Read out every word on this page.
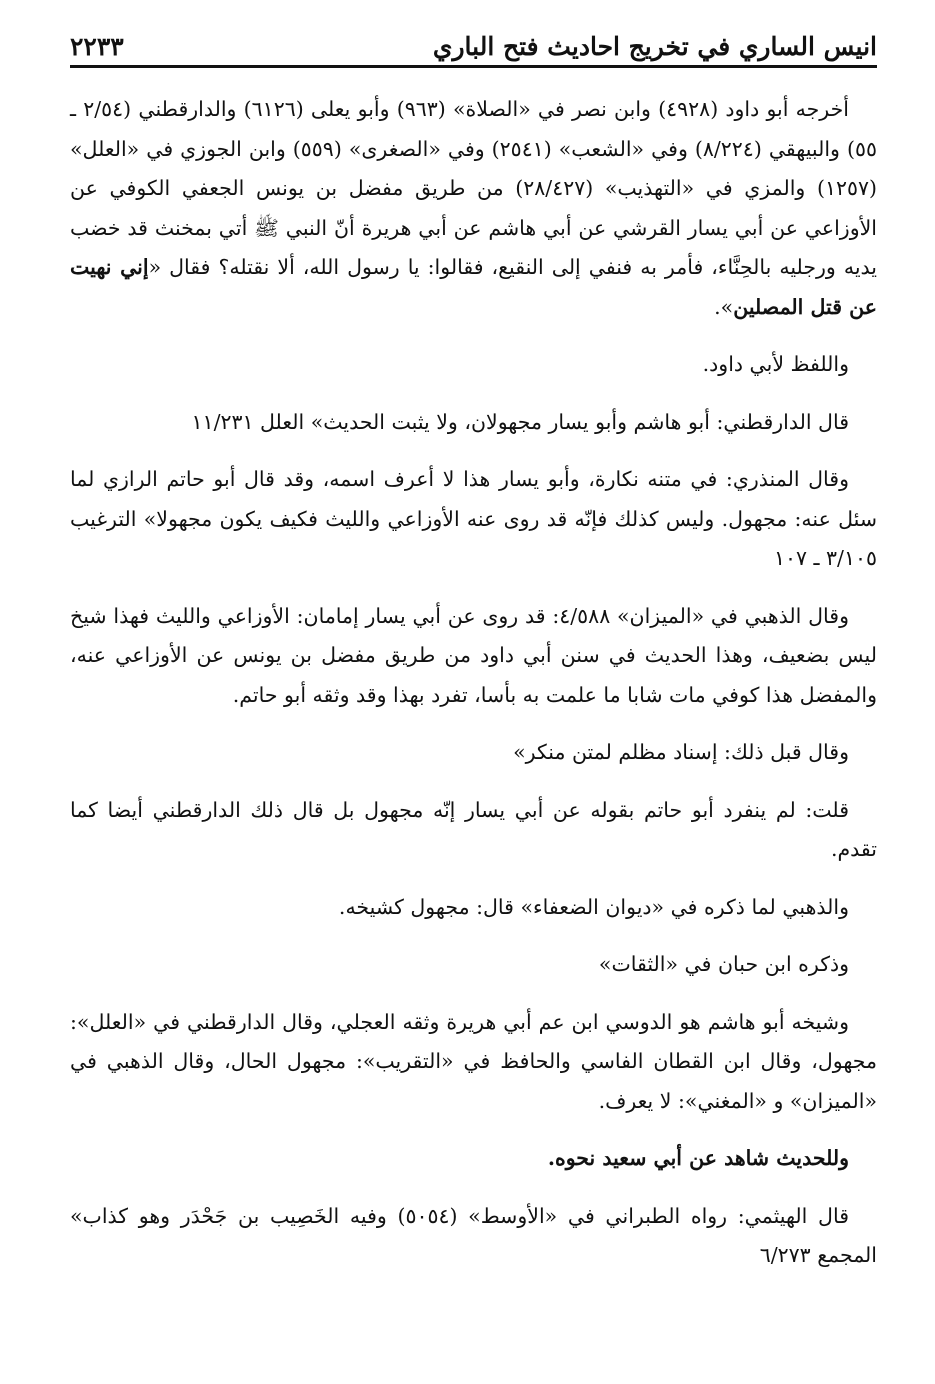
انيس الساري في تخريج احاديث فتح الباري
٢٢٣٣

أخرجه أبو داود (٤٩٢٨) وابن نصر في «الصلاة» (٩٦٣) وأبو يعلى (٦١٢٦) والدارقطني (٢/٥٤ ـ ٥٥) والبيهقي (٨/٢٢٤) وفي «الشعب» (٢٥٤١) وفي «الصغرى» (٥٥٩) وابن الجوزي في «العلل» (١٢٥٧) والمزي في «التهذيب» (٢٨/٤٢٧) من طريق مفضل بن يونس الجعفي الكوفي عن الأوزاعي عن أبي يسار القرشي عن أبي هاشم عن أبي هريرة أنّ النبي ﷺ أتي بمخنث قد خضب يديه ورجليه بالحِنَّاء، فأمر به فنفي إلى النقيع، فقالوا: يا رسول الله، ألا نقتله؟ فقال «إني نهيت عن قتل المصلين».

واللفظ لأبي داود.

قال الدارقطني: أبو هاشم وأبو يسار مجهولان، ولا يثبت الحديث» العلل ١١/٢٣١

وقال المنذري: في متنه نكارة، وأبو يسار هذا لا أعرف اسمه، وقد قال أبو حاتم الرازي لما سئل عنه: مجهول. وليس كذلك فإنّه قد روى عنه الأوزاعي والليث فكيف يكون مجهولا» الترغيب ٣/١٠٥ ـ ١٠٧

وقال الذهبي في «الميزان» ٤/٥٨٨: قد روى عن أبي يسار إمامان: الأوزاعي والليث فهذا شيخ ليس بضعيف، وهذا الحديث في سنن أبي داود من طريق مفضل بن يونس عن الأوزاعي عنه، والمفضل هذا كوفي مات شابا ما علمت به بأسا، تفرد بهذا وقد وثقه أبو حاتم.

وقال قبل ذلك: إسناد مظلم لمتن منكر»

قلت: لم ينفرد أبو حاتم بقوله عن أبي يسار إنّه مجهول بل قال ذلك الدارقطني أيضا كما تقدم.

والذهبي لما ذكره في «ديوان الضعفاء» قال: مجهول كشيخه.

وذكره ابن حبان في «الثقات»

وشيخه أبو هاشم هو الدوسي ابن عم أبي هريرة وثقه العجلي، وقال الدارقطني في «العلل»: مجهول، وقال ابن القطان الفاسي والحافظ في «التقريب»: مجهول الحال، وقال الذهبي في «الميزان» و «المغني»: لا يعرف.

وللحديث شاهد عن أبي سعيد نحوه.

قال الهيثمي: رواه الطبراني في «الأوسط» (٥٠٥٤) وفيه الخَصِيب بن جَحْدَر وهو كذاب» المجمع ٦/٢٧٣
